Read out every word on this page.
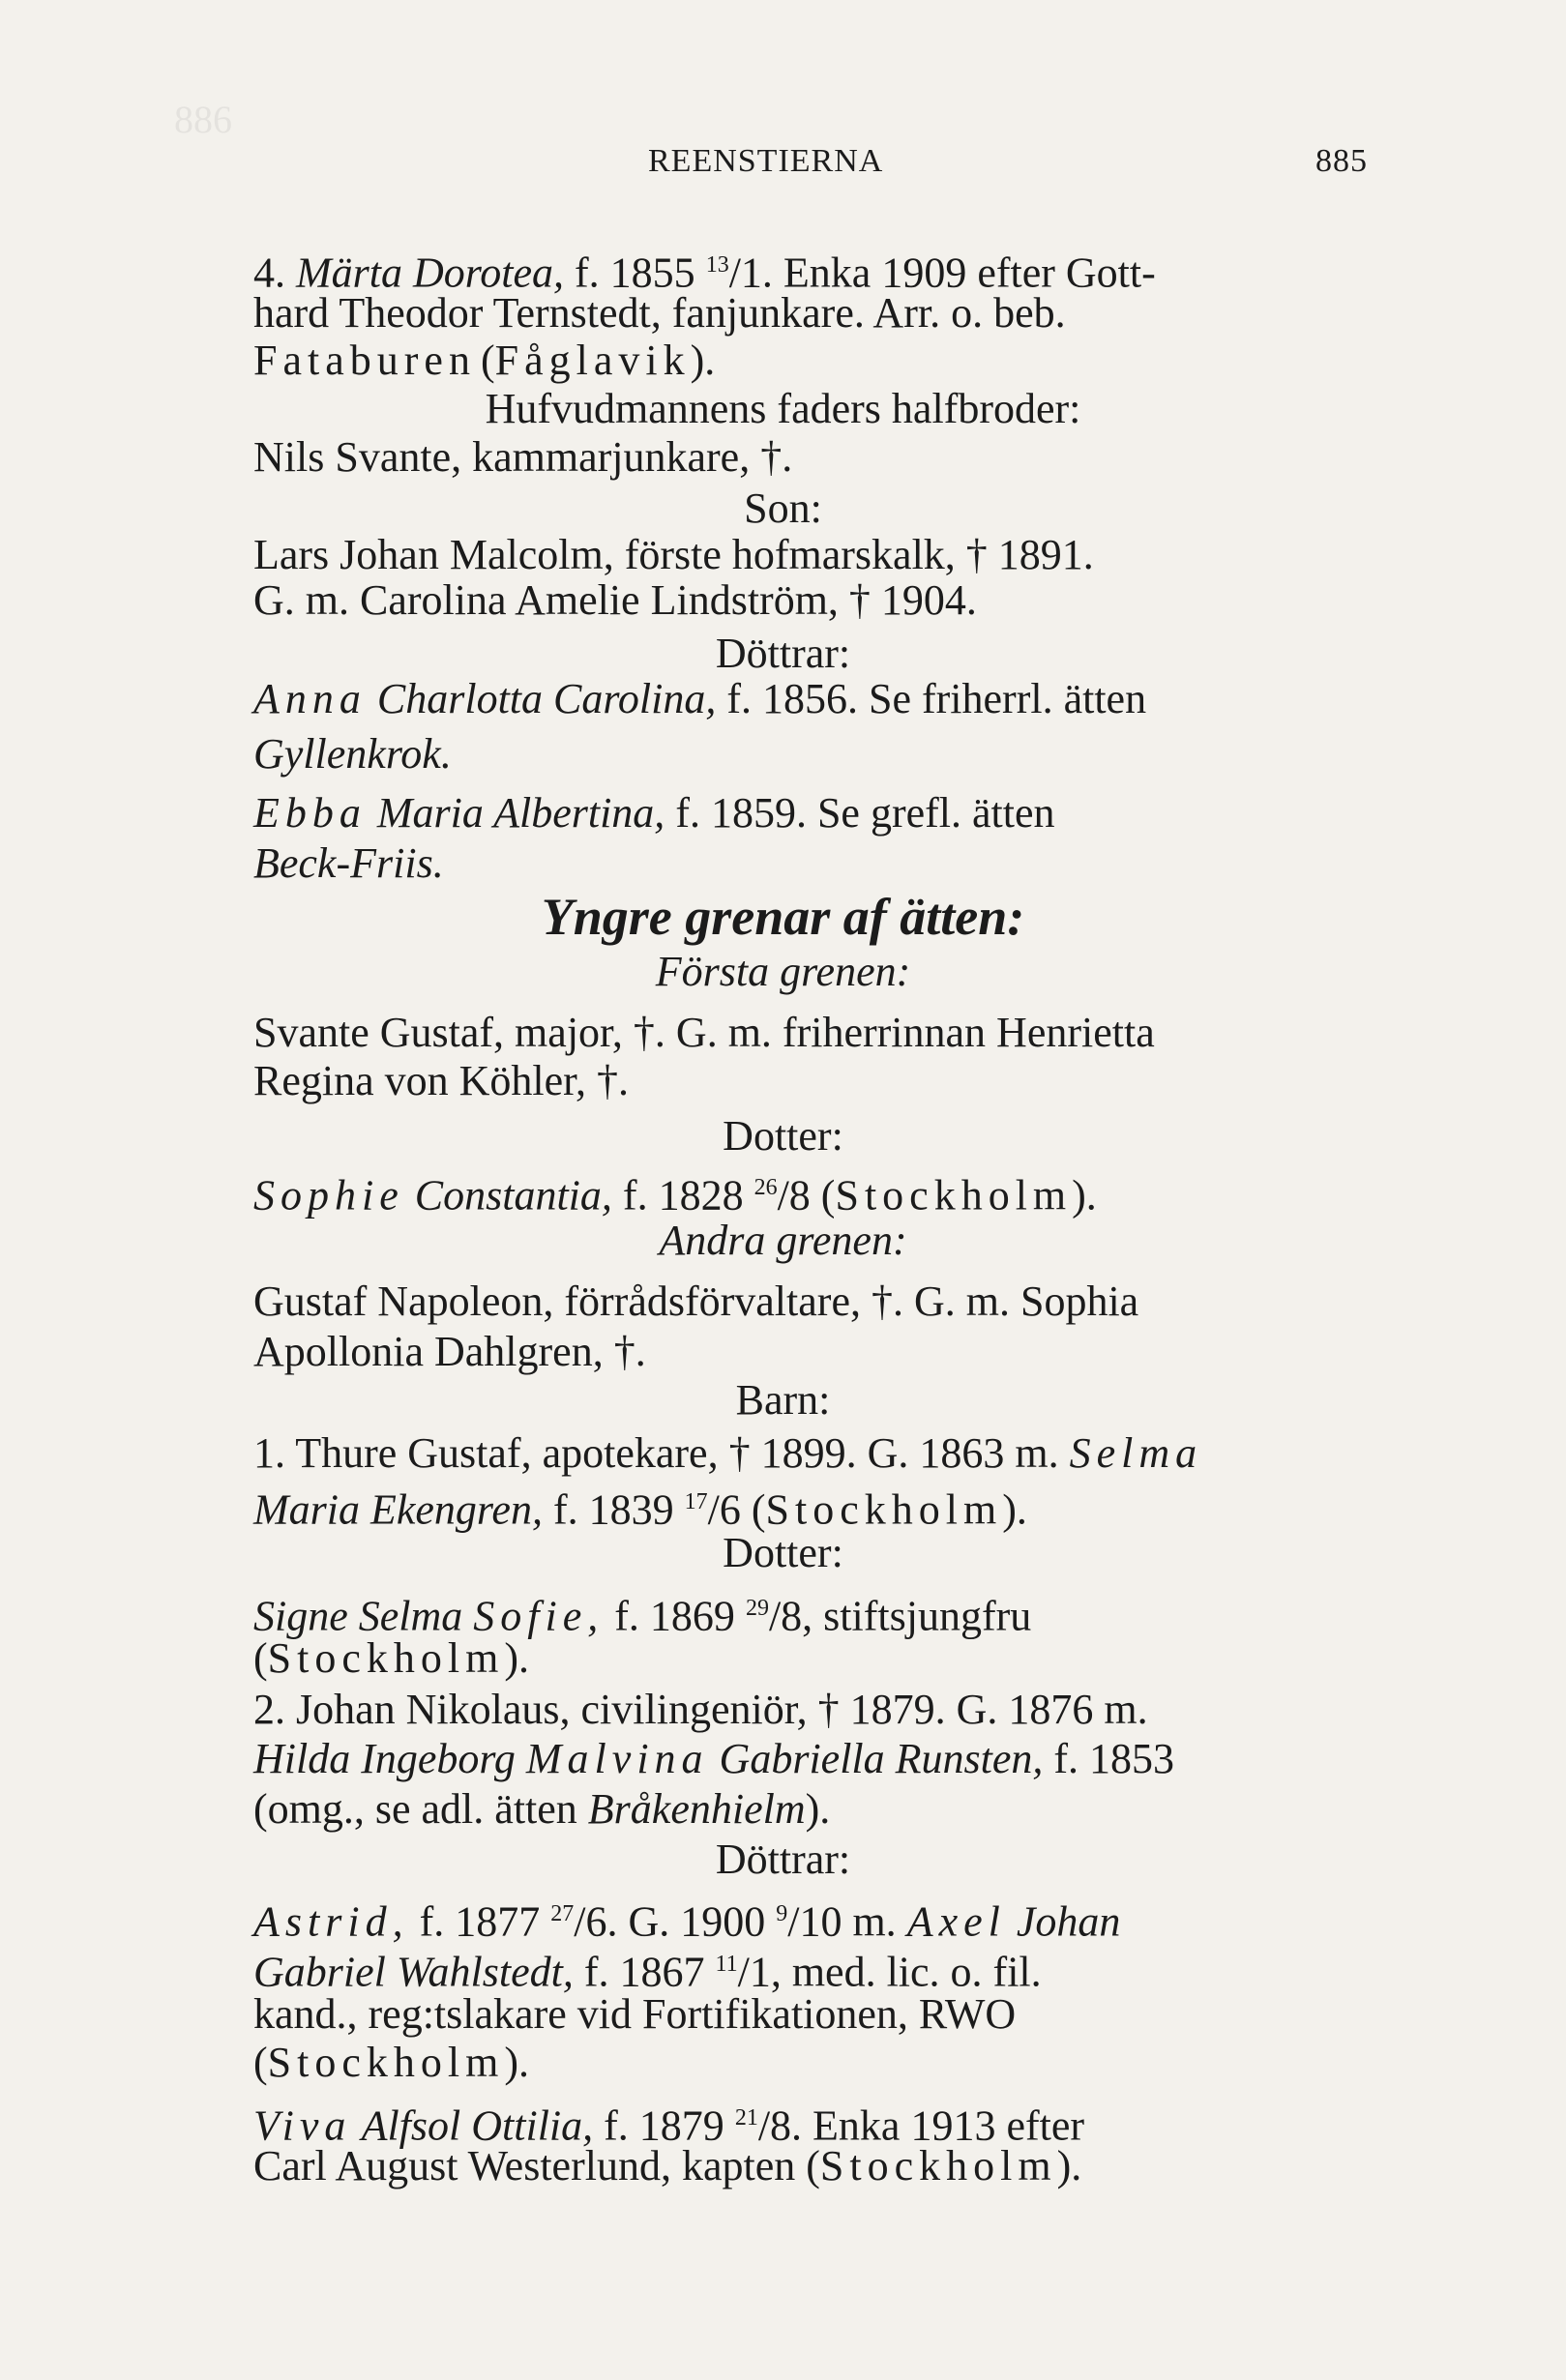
886
REENSTIERNA	885
4. Märta Dorotea, f. 1855 $^{13}$/1. Enka 1909 efter Gott-
hard Theodor Ternstedt, fanjunkare. Arr. o. beb.
Fataburen (Fåglavik).
Hufvudmannens faders halfbroder:
Nils Svante, kammarjunkare, †.
Son:
Lars Johan Malcolm, förste hofmarskalk, † 1891.
G. m. Carolina Amelie Lindström, † 1904.
Döttrar:
Anna Charlotta Carolina, f. 1856. Se friherrl. ätten
Gyllenkrok.
Ebba Maria Albertina, f. 1859. Se grefl. ätten
Beck-Friis.
Yngre grenar af ätten:
Första grenen:
Svante Gustaf, major, †. G. m. friherrinnan Henrietta
Regina von Köhler, †.
Dotter:
Sophie Constantia, f. 1828 $^{26}$/8 (Stockholm).
Andra grenen:
Gustaf Napoleon, förrådsförvaltare, †. G. m. Sophia
Apollonia Dahlgren, †.
Barn:
1. Thure Gustaf, apotekare, † 1899. G. 1863 m. Selma
Maria Ekengren, f. 1839 $^{17}$/6 (Stockholm).
Dotter:
Signe Selma Sofie, f. 1869 $^{29}$/8, stiftsjungfru
(Stockholm).
2. Johan Nikolaus, civilingeniör, † 1879. G. 1876 m.
Hilda Ingeborg Malvina Gabriella Runsten, f. 1853
(omg., se adl. ätten Bråkenhielm).
Döttrar:
Astrid, f. 1877 $^{27}$/6. G. 1900 $^9$/10 m. Axel Johan
Gabriel Wahlstedt, f. 1867 $^{11}$/1, med. lic. o. fil.
kand., reg:tslakare vid Fortifikationen, RWO
(Stockholm).
Viva Alfsol Ottilia, f. 1879 $^{21}$/8. Enka 1913 efter
Carl August Westerlund, kapten (Stockholm).
